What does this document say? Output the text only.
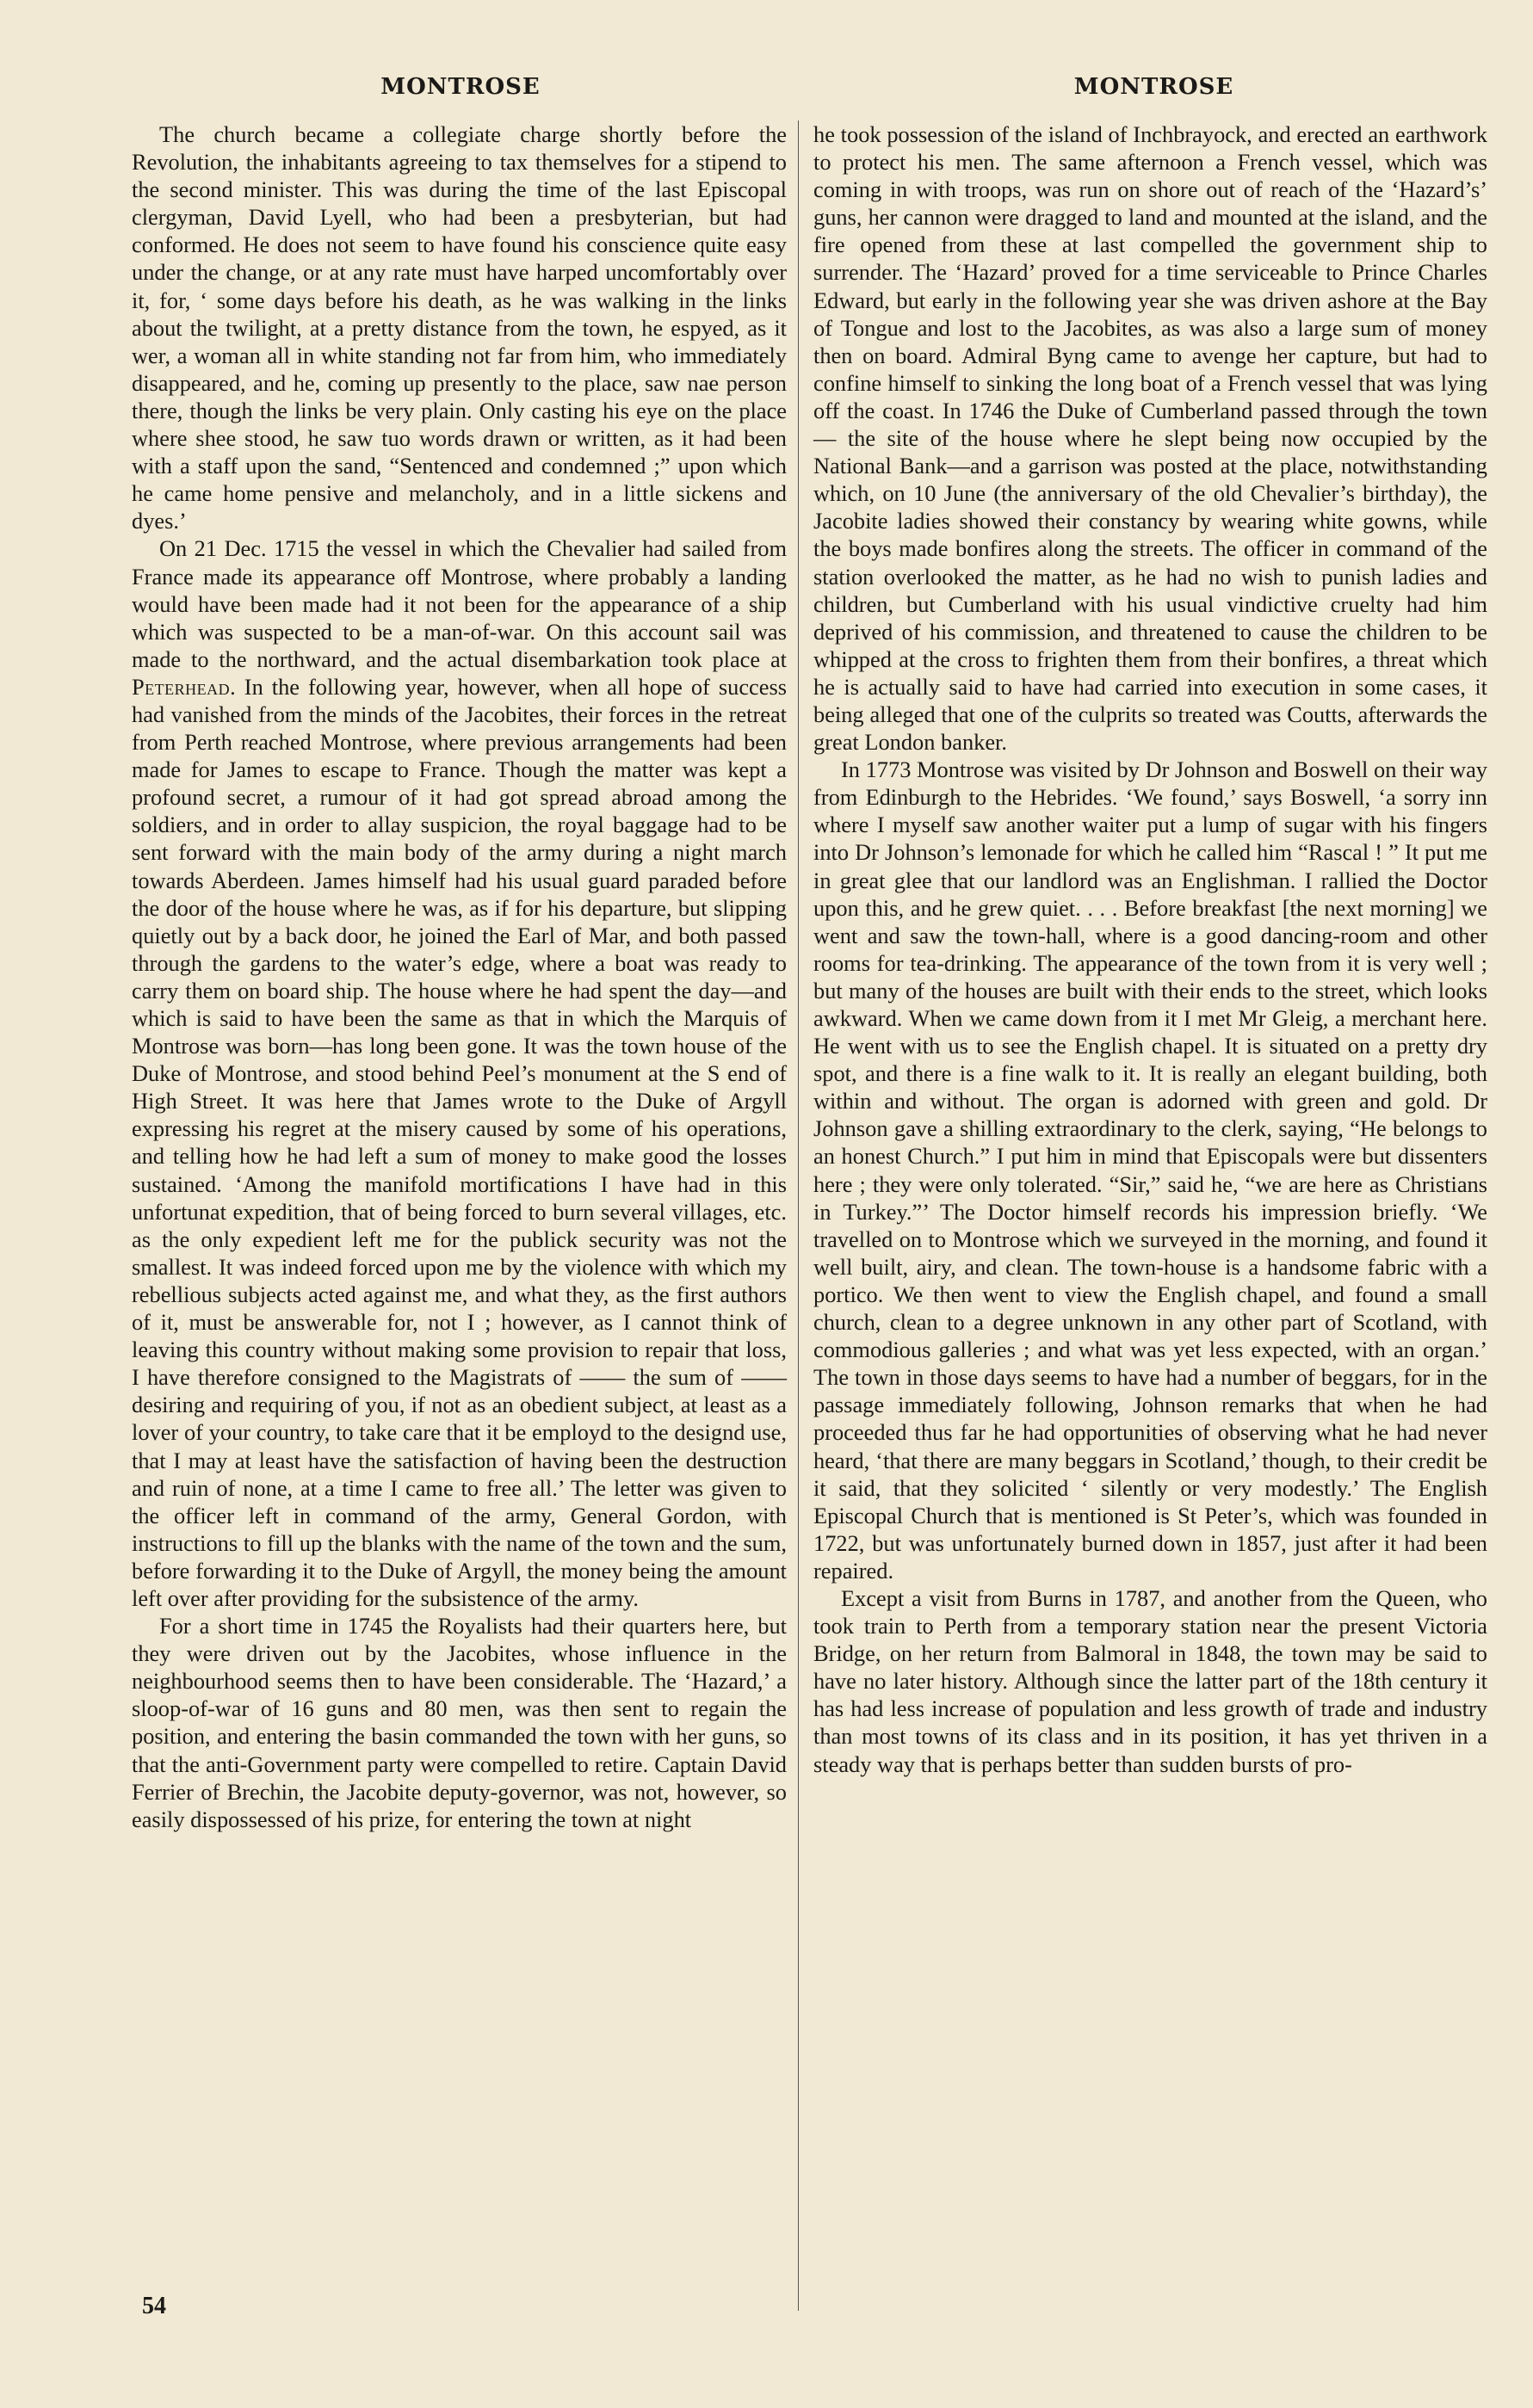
MONTROSE	MONTROSE

The church became a collegiate charge shortly before the Revolution, the inhabitants agreeing to tax themselves for a stipend to the second minister. This was during the time of the last Episcopal clergyman, David Lyell, who had been a presbyterian, but had conformed. He does not seem to have found his conscience quite easy under the change, or at any rate must have harped uncomfortably over it, for, ‘ some days before his death, as he was walking in the links about the twilight, at a pretty distance from the town, he espyed, as it wer, a woman all in white standing not far from him, who immediately disappeared, and he, coming up presently to the place, saw nae person there, though the links be very plain. Only casting his eye on the place where shee stood, he saw tuo words drawn or written, as it had been with a staff upon the sand, “Sentenced and condemned ;” upon which he came home pensive and melancholy, and in a little sickens and dyes.’

On 21 Dec. 1715 the vessel in which the Chevalier had sailed from France made its appearance off Montrose, where probably a landing would have been made had it not been for the appearance of a ship which was suspected to be a man-of-war. On this account sail was made to the northward, and the actual disembarkation took place at Peterhead. In the following year, however, when all hope of success had vanished from the minds of the Jacobites, their forces in the retreat from Perth reached Montrose, where previous arrangements had been made for James to escape to France. Though the matter was kept a profound secret, a rumour of it had got spread abroad among the soldiers, and in order to allay suspicion, the royal baggage had to be sent forward with the main body of the army during a night march towards Aberdeen. James himself had his usual guard paraded before the door of the house where he was, as if for his departure, but slipping quietly out by a back door, he joined the Earl of Mar, and both passed through the gardens to the water’s edge, where a boat was ready to carry them on board ship. The house where he had spent the day—and which is said to have been the same as that in which the Marquis of Montrose was born—has long been gone. It was the town house of the Duke of Montrose, and stood behind Peel’s monument at the S end of High Street. It was here that James wrote to the Duke of Argyll expressing his regret at the misery caused by some of his operations, and telling how he had left a sum of money to make good the losses sustained. ‘Among the manifold mortifications I have had in this unfortunat expedition, that of being forced to burn several villages, etc. as the only expedient left me for the publick security was not the smallest. It was indeed forced upon me by the violence with which my rebellious subjects acted against me, and what they, as the first authors of it, must be answerable for, not I ; however, as I cannot think of leaving this country without making some provision to repair that loss, I have therefore consigned to the Magistrats of —— the sum of —— desiring and requiring of you, if not as an obedient subject, at least as a lover of your country, to take care that it be employd to the designd use, that I may at least have the satisfaction of having been the destruction and ruin of none, at a time I came to free all.’ The letter was given to the officer left in command of the army, General Gordon, with instructions to fill up the blanks with the name of the town and the sum, before forwarding it to the Duke of Argyll, the money being the amount left over after providing for the subsistence of the army.

For a short time in 1745 the Royalists had their quarters here, but they were driven out by the Jacobites, whose influence in the neighbourhood seems then to have been considerable. The ‘Hazard,’ a sloop-of-war of 16 guns and 80 men, was then sent to regain the position, and entering the basin commanded the town with her guns, so that the anti-Government party were compelled to retire. Captain David Ferrier of Brechin, the Jacobite deputy-governor, was not, however, so easily dispossessed of his prize, for entering the town at night

he took possession of the island of Inchbrayock, and erected an earthwork to protect his men. The same afternoon a French vessel, which was coming in with troops, was run on shore out of reach of the ‘Hazard’s’ guns, her cannon were dragged to land and mounted at the island, and the fire opened from these at last compelled the government ship to surrender. The ‘Hazard’ proved for a time serviceable to Prince Charles Edward, but early in the following year she was driven ashore at the Bay of Tongue and lost to the Jacobites, as was also a large sum of money then on board. Admiral Byng came to avenge her capture, but had to confine himself to sinking the long boat of a French vessel that was lying off the coast. In 1746 the Duke of Cumberland passed through the town — the site of the house where he slept being now occupied by the National Bank—and a garrison was posted at the place, notwithstanding which, on 10 June (the anniversary of the old Chevalier’s birthday), the Jacobite ladies showed their constancy by wearing white gowns, while the boys made bonfires along the streets. The officer in command of the station overlooked the matter, as he had no wish to punish ladies and children, but Cumberland with his usual vindictive cruelty had him deprived of his commission, and threatened to cause the children to be whipped at the cross to frighten them from their bonfires, a threat which he is actually said to have had carried into execution in some cases, it being alleged that one of the culprits so treated was Coutts, afterwards the great London banker.

In 1773 Montrose was visited by Dr Johnson and Boswell on their way from Edinburgh to the Hebrides. ‘We found,’ says Boswell, ‘a sorry inn where I myself saw another waiter put a lump of sugar with his fingers into Dr Johnson’s lemonade for which he called him “Rascal ! ” It put me in great glee that our landlord was an Englishman. I rallied the Doctor upon this, and he grew quiet. . . . Before breakfast [the next morning] we went and saw the town-hall, where is a good dancing-room and other rooms for tea-drinking. The appearance of the town from it is very well ; but many of the houses are built with their ends to the street, which looks awkward. When we came down from it I met Mr Gleig, a merchant here. He went with us to see the English chapel. It is situated on a pretty dry spot, and there is a fine walk to it. It is really an elegant building, both within and without. The organ is adorned with green and gold. Dr Johnson gave a shilling extraordinary to the clerk, saying, “He belongs to an honest Church.” I put him in mind that Episcopals were but dissenters here ; they were only tolerated. “Sir,” said he, “we are here as Christians in Turkey.”’ The Doctor himself records his impression briefly. ‘We travelled on to Montrose which we surveyed in the morning, and found it well built, airy, and clean. The town-house is a handsome fabric with a portico. We then went to view the English chapel, and found a small church, clean to a degree unknown in any other part of Scotland, with commodious galleries ; and what was yet less expected, with an organ.’ The town in those days seems to have had a number of beggars, for in the passage immediately following, Johnson remarks that when he had proceeded thus far he had opportunities of observing what he had never heard, ‘that there are many beggars in Scotland,’ though, to their credit be it said, that they solicited ‘ silently or very modestly.’ The English Episcopal Church that is mentioned is St Peter’s, which was founded in 1722, but was unfortunately burned down in 1857, just after it had been repaired.

Except a visit from Burns in 1787, and another from the Queen, who took train to Perth from a temporary station near the present Victoria Bridge, on her return from Balmoral in 1848, the town may be said to have no later history. Although since the latter part of the 18th century it has had less increase of population and less growth of trade and industry than most towns of its class and in its position, it has yet thriven in a steady way that is perhaps better than sudden bursts of pro-

54
